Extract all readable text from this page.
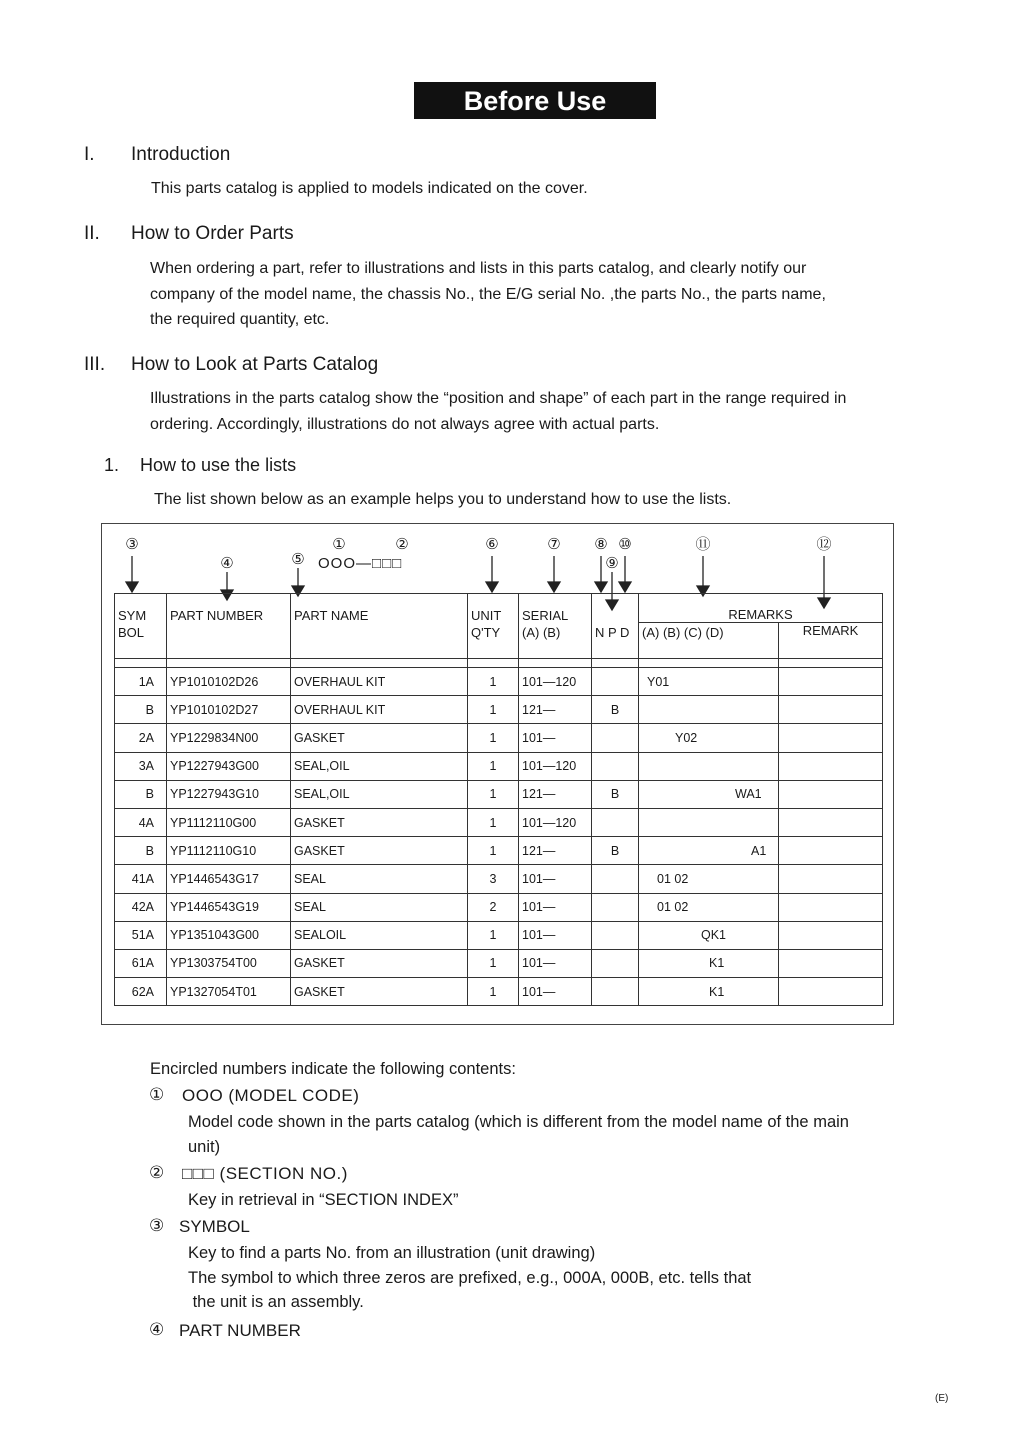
Before Use
I. Introduction
This parts catalog is applied to models indicated on the cover.
II. How to Order Parts
When ordering a part, refer to illustrations and lists in this parts catalog, and clearly notify our
company of the model name, the chassis No., the E/G serial No. ,the parts No., the parts name,
the required quantity, etc.
III. How to Look at Parts Catalog
Illustrations in the parts catalog show the “position and shape” of each part in the range required in
ordering. Accordingly, illustrations do not always agree with actual parts.
1. How to use the lists
The list shown below as an example helps you to understand how to use the lists.
③
④	⑤
①	②
OOO—□□□
⑥	⑦ ⑧
⑨
⑩	⑪	⑫
SYM	PART NUMBER	PART NAME	UNIT	SERIAL		REMARKS	
BOL			Q'TY	(A) (B)	N P D	(A) (B) (C) (D)	REMARK

1A	YP1010102D26	OVERHAUL KIT	1	101—120		Y01	
B	YP1010102D27	OVERHAUL KIT	1	121—	B		
2A	YP1229834N00	GASKET	1	101—		Y02	
3A	YP1227943G00	SEAL,OIL	1	101—120			
B	YP1227943G10	SEAL,OIL	1	121—	B	WA1	
4A	YP1112110G00	GASKET	1	101—120			
B	YP1112110G10	GASKET	1	121—	B	A1	
41A	YP1446543G17	SEAL	3	101—		01 02	
42A	YP1446543G19	SEAL	2	101—		01 02	
51A	YP1351043G00	SEALOIL	1	101—		QK1	
61A	YP1303754T00	GASKET	1	101—		K1	
62A	YP1327054T01	GASKET	1	101—		K1	
Encircled numbers indicate the following contents:
① OOO (MODEL CODE)
Model code shown in the parts catalog (which is different from the model name of the main
unit)
② □□□ (SECTION NO.)
Key in retrieval in “SECTION INDEX”
③ SYMBOL
Key to find a parts No. from an illustration (unit drawing)
The symbol to which three zeros are prefixed, e.g., 000A, 000B, etc. tells that
the unit is an assembly.
④ PART NUMBER
(E)
